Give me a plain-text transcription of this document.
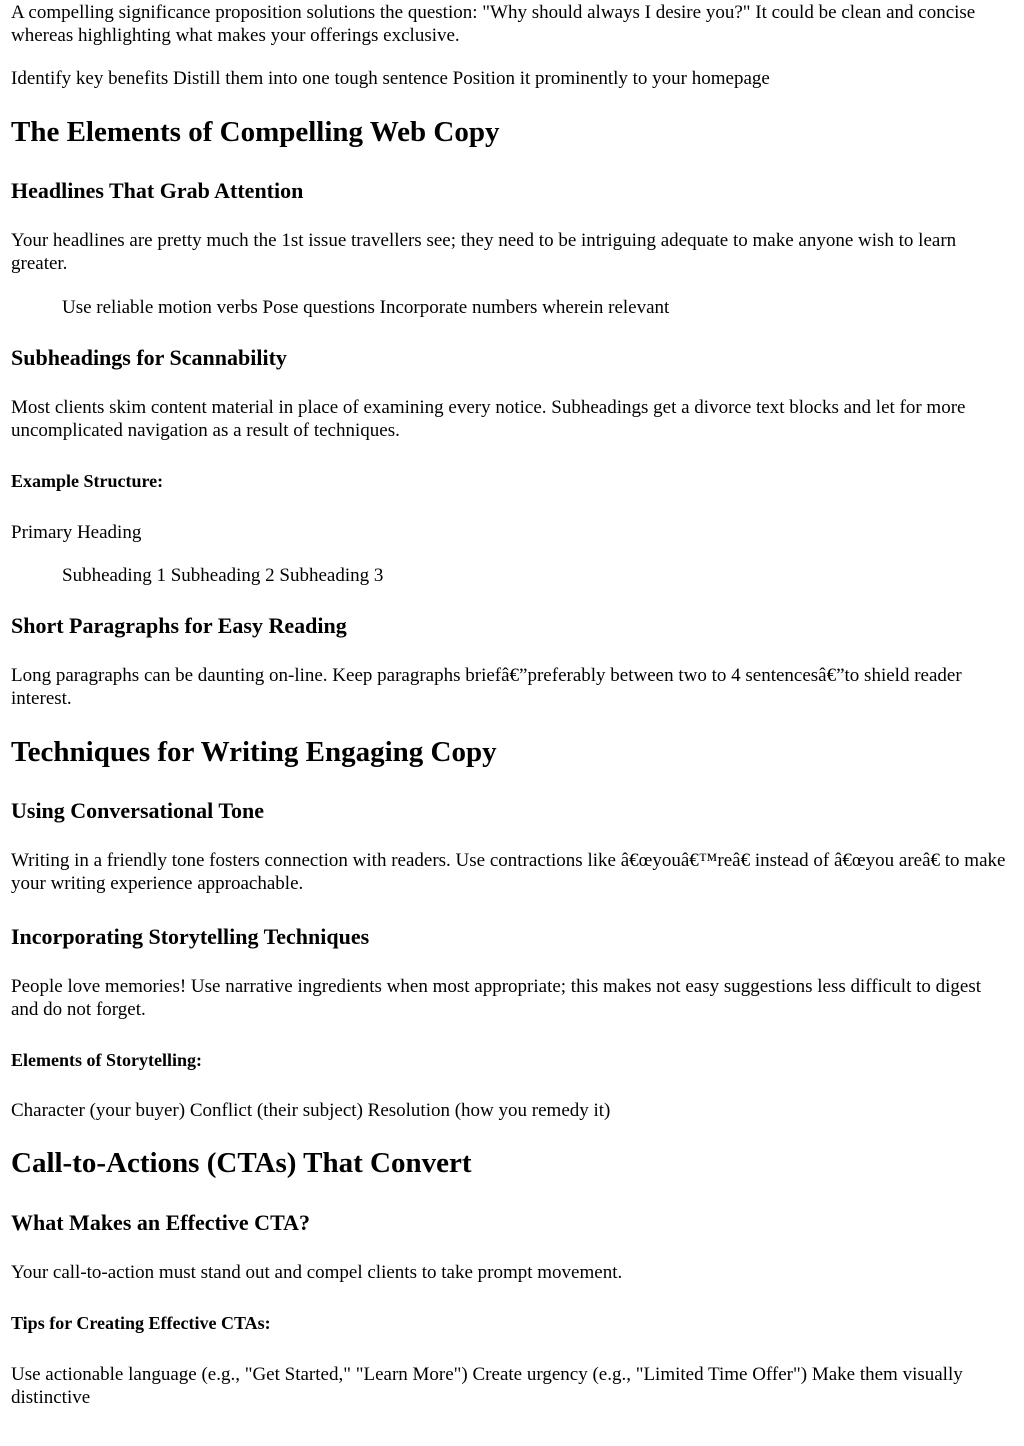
A compelling significance proposition solutions the question: "Why should always I desire you?" It could be clean and concise whereas highlighting what makes your offerings exclusive.

Identify key benefits Distill them into one tough sentence Position it prominently to your homepage

The Elements of Compelling Web Copy
Headlines That Grab Attention

Your headlines are pretty much the 1st issue travellers see; they need to be intriguing adequate to make anyone wish to learn greater.

Use reliable motion verbs Pose questions Incorporate numbers wherein relevant

Subheadings for Scannability

Most clients skim content material in place of examining every notice. Subheadings get a divorce text blocks and let for more uncomplicated navigation as a result of techniques.

Example Structure:

Primary Heading

Subheading 1 Subheading 2 Subheading 3

Short Paragraphs for Easy Reading

Long paragraphs can be daunting on-line. Keep paragraphs briefâ€”preferably between two to 4 sentencesâ€”to shield reader interest.

Techniques for Writing Engaging Copy
Using Conversational Tone

Writing in a friendly tone fosters connection with readers. Use contractions like â€œyouâ€™reâ€ instead of â€œyou areâ€ to make your writing experience approachable.

Incorporating Storytelling Techniques

People love memories! Use narrative ingredients when most appropriate; this makes not easy suggestions less difficult to digest and do not forget.

Elements of Storytelling:

Character (your buyer) Conflict (their subject) Resolution (how you remedy it)

Call-to-Actions (CTAs) That Convert
What Makes an Effective CTA?

Your call-to-action must stand out and compel clients to take prompt movement.

Tips for Creating Effective CTAs:

Use actionable language (e.g., "Get Started," "Learn More") Create urgency (e.g., "Limited Time Offer") Make them visually distinctive
